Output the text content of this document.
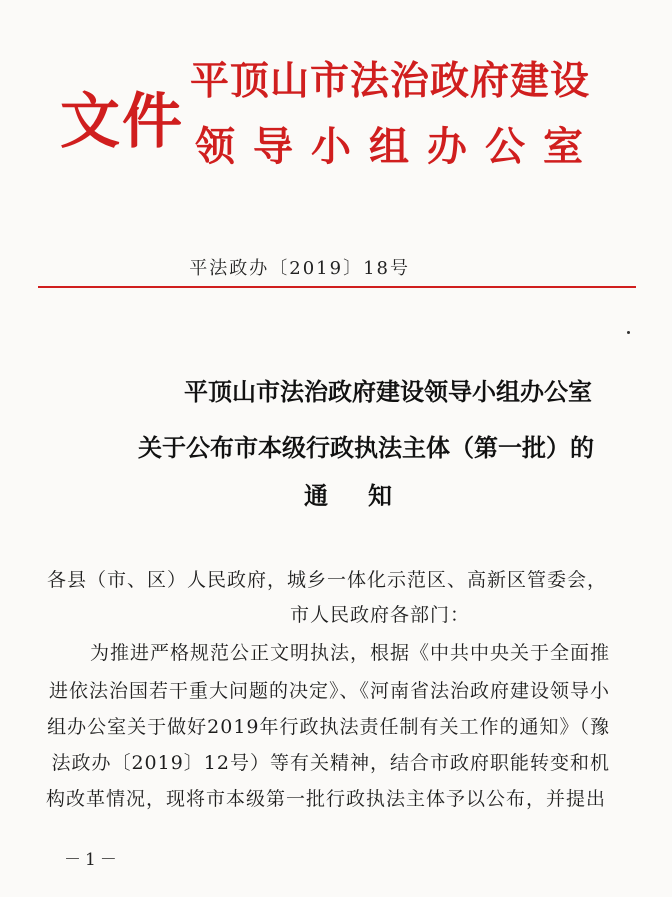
平顶山市法治政府建设
领导小组办公室
文件
平法政办〔2019〕18号
平顶山市法治政府建设领导小组办公室
关于公布市本级行政执法主体（第一批）的
通知
各县（市、区）人民政府，城乡一体化示范区、高新区管委会，
市人民政府各部门：
为推进严格规范公正文明执法，根据《中共中央关于全面推
进依法治国若干重大问题的决定》、《河南省法治政府建设领导小
组办公室关于做好2019年行政执法责任制有关工作的通知》（豫
法政办〔2019〕12号）等有关精神，结合市政府职能转变和机
构改革情况，现将市本级第一批行政执法主体予以公布，并提出
－1－
